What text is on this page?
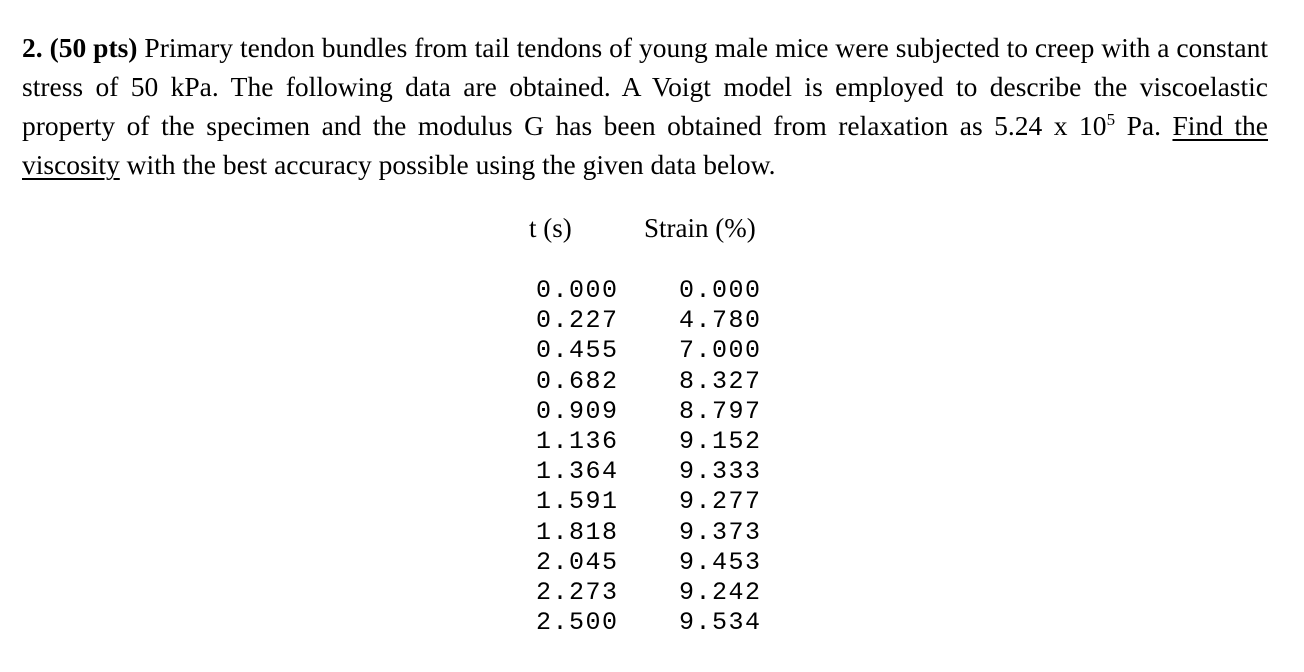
2. (50 pts) Primary tendon bundles from tail tendons of young male mice were subjected to creep with a constant stress of 50 kPa. The following data are obtained. A Voigt model is employed to describe the viscoelastic property of the specimen and the modulus G has been obtained from relaxation as 5.24 x $10^5$ Pa. Find the viscosity with the best accuracy possible using the given data below.

t (s)	Strain (%)
0.000
0.227
0.455
0.682
0.909
1.136
1.364
1.591
1.818
2.045
2.273
2.500
0.000
4.780
7.000
8.327
8.797
9.152
9.333
9.277
9.373
9.453
9.242
9.534
